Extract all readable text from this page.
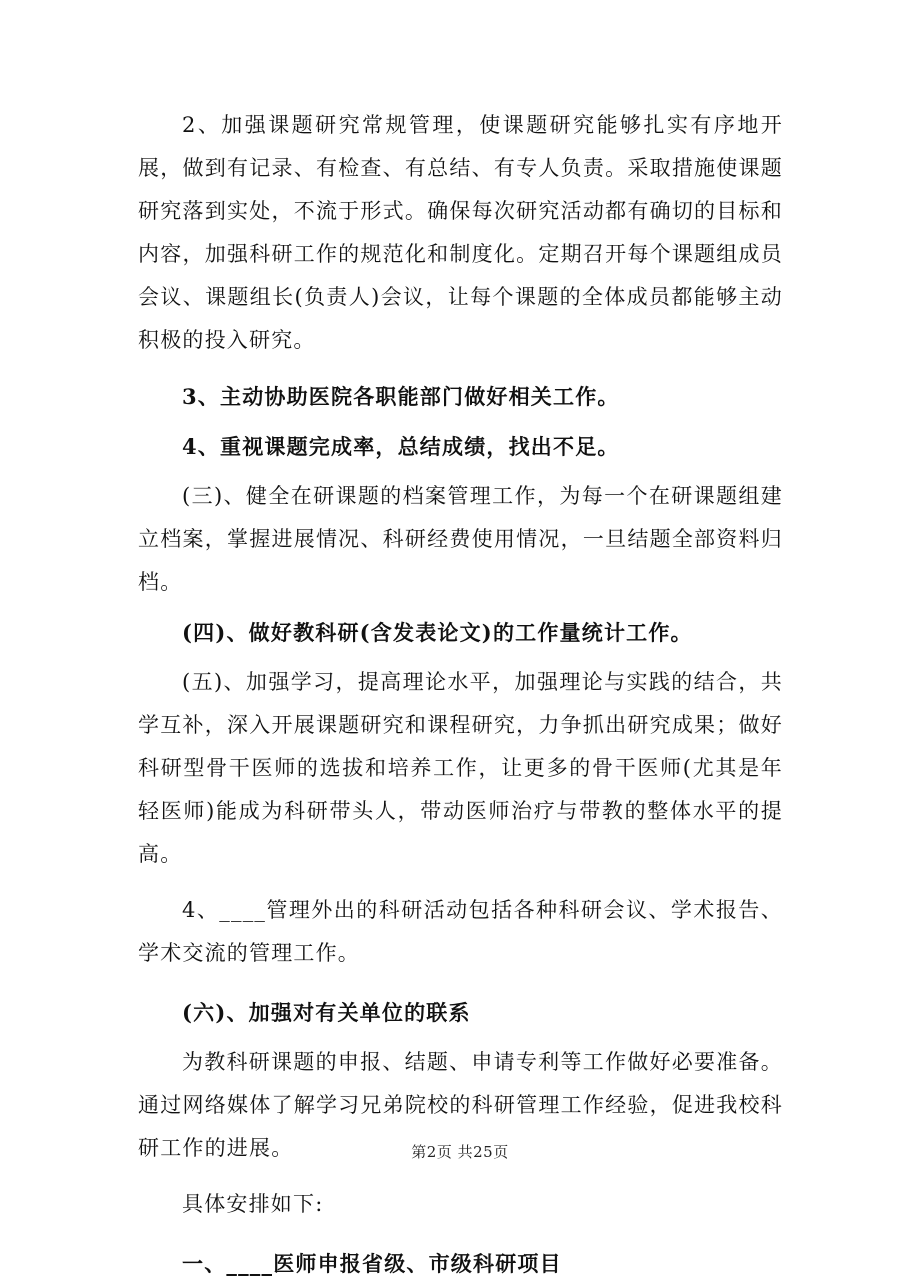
2、加强课题研究常规管理，使课题研究能够扎实有序地开展，做到有记录、有检查、有总结、有专人负责。采取措施使课题研究落到实处，不流于形式。确保每次研究活动都有确切的目标和内容，加强科研工作的规范化和制度化。定期召开每个课题组成员会议、课题组长(负责人)会议，让每个课题的全体成员都能够主动积极的投入研究。

3、主动协助医院各职能部门做好相关工作。

4、重视课题完成率，总结成绩，找出不足。

(三)、健全在研课题的档案管理工作，为每一个在研课题组建立档案，掌握进展情况、科研经费使用情况，一旦结题全部资料归档。

(四)、做好教科研(含发表论文)的工作量统计工作。

(五)、加强学习，提高理论水平，加强理论与实践的结合，共学互补，深入开展课题研究和课程研究，力争抓出研究成果；做好科研型骨干医师的选拔和培养工作，让更多的骨干医师(尤其是年轻医师)能成为科研带头人，带动医师治疗与带教的整体水平的提高。

4、____管理外出的科研活动包括各种科研会议、学术报告、学术交流的管理工作。

(六)、加强对有关单位的联系

为教科研课题的申报、结题、申请专利等工作做好必要准备。通过网络媒体了解学习兄弟院校的科研管理工作经验，促进我校科研工作的进展。

具体安排如下:

一、____医师申报省级、市级科研项目

第2页 共25页
